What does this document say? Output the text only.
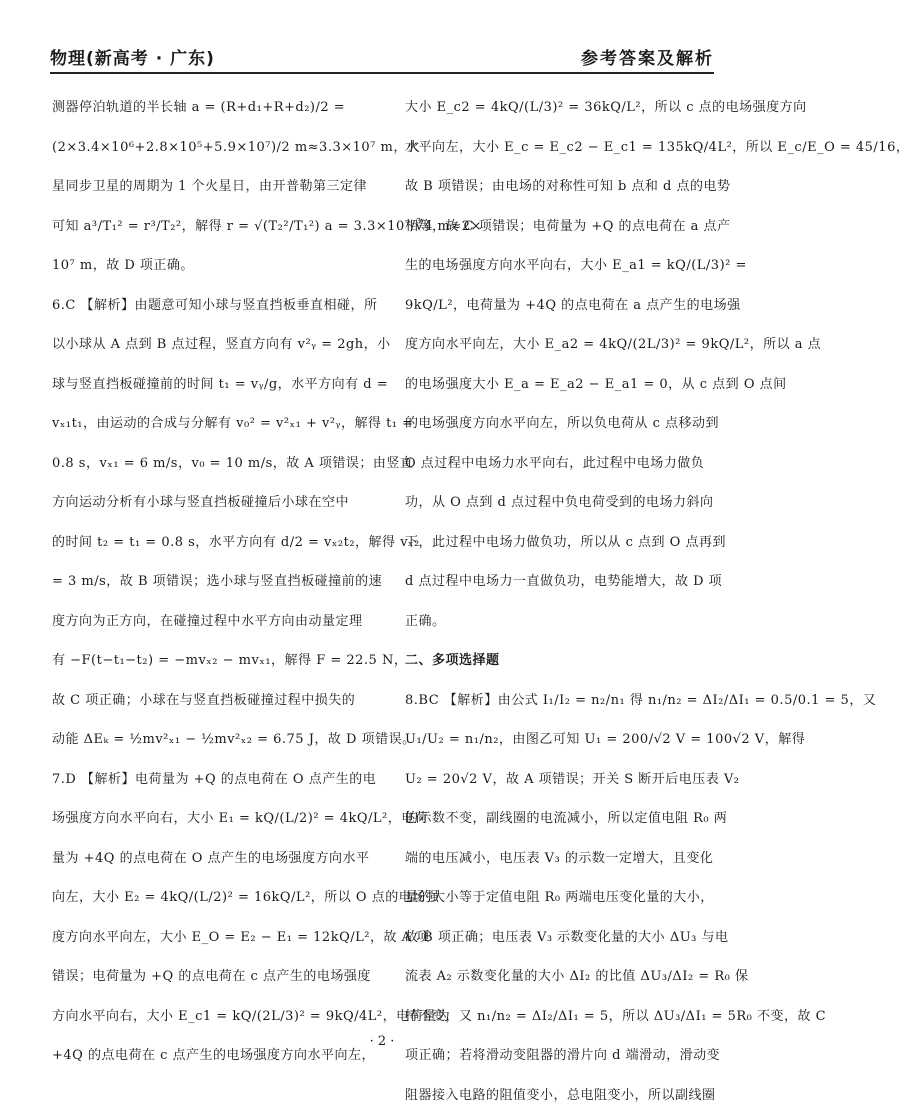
物理(新高考 · 广东)	参考答案及解析
测器停泊轨道的半长轴 a = (R+d₁+R+d₂)/2 =
(2×3.4×10⁶+2.8×10⁵+5.9×10⁷)/2 m≈3.3×10⁷ m，火
星同步卫星的周期为 1 个火星日，由开普勒第三定律
可知 a³/T₁² = r³/T₂²，解得 r = √(T₂²/T₁²) a = 3.3×10⁷/∛4 m≈2×
10⁷ m，故 D 项正确。
6.C 【解析】由题意可知小球与竖直挡板垂直相碰，所
以小球从 A 点到 B 点过程，竖直方向有 v²ᵧ = 2gh，小
球与竖直挡板碰撞前的时间 t₁ = vᵧ/g，水平方向有 d =
vₓ₁t₁，由运动的合成与分解有 v₀² = v²ₓ₁ + v²ᵧ，解得 t₁ =
0.8 s，vₓ₁ = 6 m/s，v₀ = 10 m/s，故 A 项错误；由竖直
方向运动分析有小球与竖直挡板碰撞后小球在空中
的时间 t₂ = t₁ = 0.8 s，水平方向有 d/2 = vₓ₂t₂，解得 vₓ₂
= 3 m/s，故 B 项错误；选小球与竖直挡板碰撞前的速
度方向为正方向，在碰撞过程中水平方向由动量定理
有 −F(t−t₁−t₂) = −mvₓ₂ − mvₓ₁，解得 F = 22.5 N，
故 C 项正确；小球在与竖直挡板碰撞过程中损失的
动能 ΔEₖ = ½mv²ₓ₁ − ½mv²ₓ₂ = 6.75 J，故 D 项错误。
7.D 【解析】电荷量为 +Q 的点电荷在 O 点产生的电
场强度方向水平向右，大小 E₁ = kQ/(L/2)² = 4kQ/L²，电荷
量为 +4Q 的点电荷在 O 点产生的电场强度方向水平
向左，大小 E₂ = 4kQ/(L/2)² = 16kQ/L²，所以 O 点的电场强
度方向水平向左，大小 E_O = E₂ − E₁ = 12kQ/L²，故 A 项
错误；电荷量为 +Q 的点电荷在 c 点产生的电场强度
方向水平向右，大小 E_c1 = kQ/(2L/3)² = 9kQ/4L²，电荷量为
+4Q 的点电荷在 c 点产生的电场强度方向水平向左，
大小 E_c2 = 4kQ/(L/3)² = 36kQ/L²，所以 c 点的电场强度方向
水平向左，大小 E_c = E_c2 − E_c1 = 135kQ/4L²，所以 E_c/E_O = 45/16，
故 B 项错误；由电场的对称性可知 b 点和 d 点的电势
相等，故 C 项错误；电荷量为 +Q 的点电荷在 a 点产
生的电场强度方向水平向右，大小 E_a1 = kQ/(L/3)² =
9kQ/L²，电荷量为 +4Q 的点电荷在 a 点产生的电场强
度方向水平向左，大小 E_a2 = 4kQ/(2L/3)² = 9kQ/L²，所以 a 点
的电场强度大小 E_a = E_a2 − E_a1 = 0，从 c 点到 O 点间
的电场强度方向水平向左，所以负电荷从 c 点移动到
O 点过程中电场力水平向右，此过程中电场力做负
功，从 O 点到 d 点过程中负电荷受到的电场力斜向
下，此过程中电场力做负功，所以从 c 点到 O 点再到
d 点过程中电场力一直做负功，电势能增大，故 D 项
正确。
二、多项选择题
8.BC 【解析】由公式 I₁/I₂ = n₂/n₁ 得 n₁/n₂ = ΔI₂/ΔI₁ = 0.5/0.1 = 5，又
U₁/U₂ = n₁/n₂，由图乙可知 U₁ = 200/√2 V = 100√2 V，解得
U₂ = 20√2 V，故 A 项错误；开关 S 断开后电压表 V₂
的示数不变，副线圈的电流减小，所以定值电阻 R₀ 两
端的电压减小，电压表 V₃ 的示数一定增大，且变化
量的大小等于定值电阻 R₀ 两端电压变化量的大小，
故 B 项正确；电压表 V₃ 示数变化量的大小 ΔU₃ 与电
流表 A₂ 示数变化量的大小 ΔI₂ 的比值 ΔU₃/ΔI₂ = R₀ 保
持不变，又 n₁/n₂ = ΔI₂/ΔI₁ = 5，所以 ΔU₃/ΔI₁ = 5R₀ 不变，故 C
项正确；若将滑动变阻器的滑片向 d 端滑动，滑动变
阻器接入电路的阻值变小，总电阻变小，所以副线圈
· 2 ·
